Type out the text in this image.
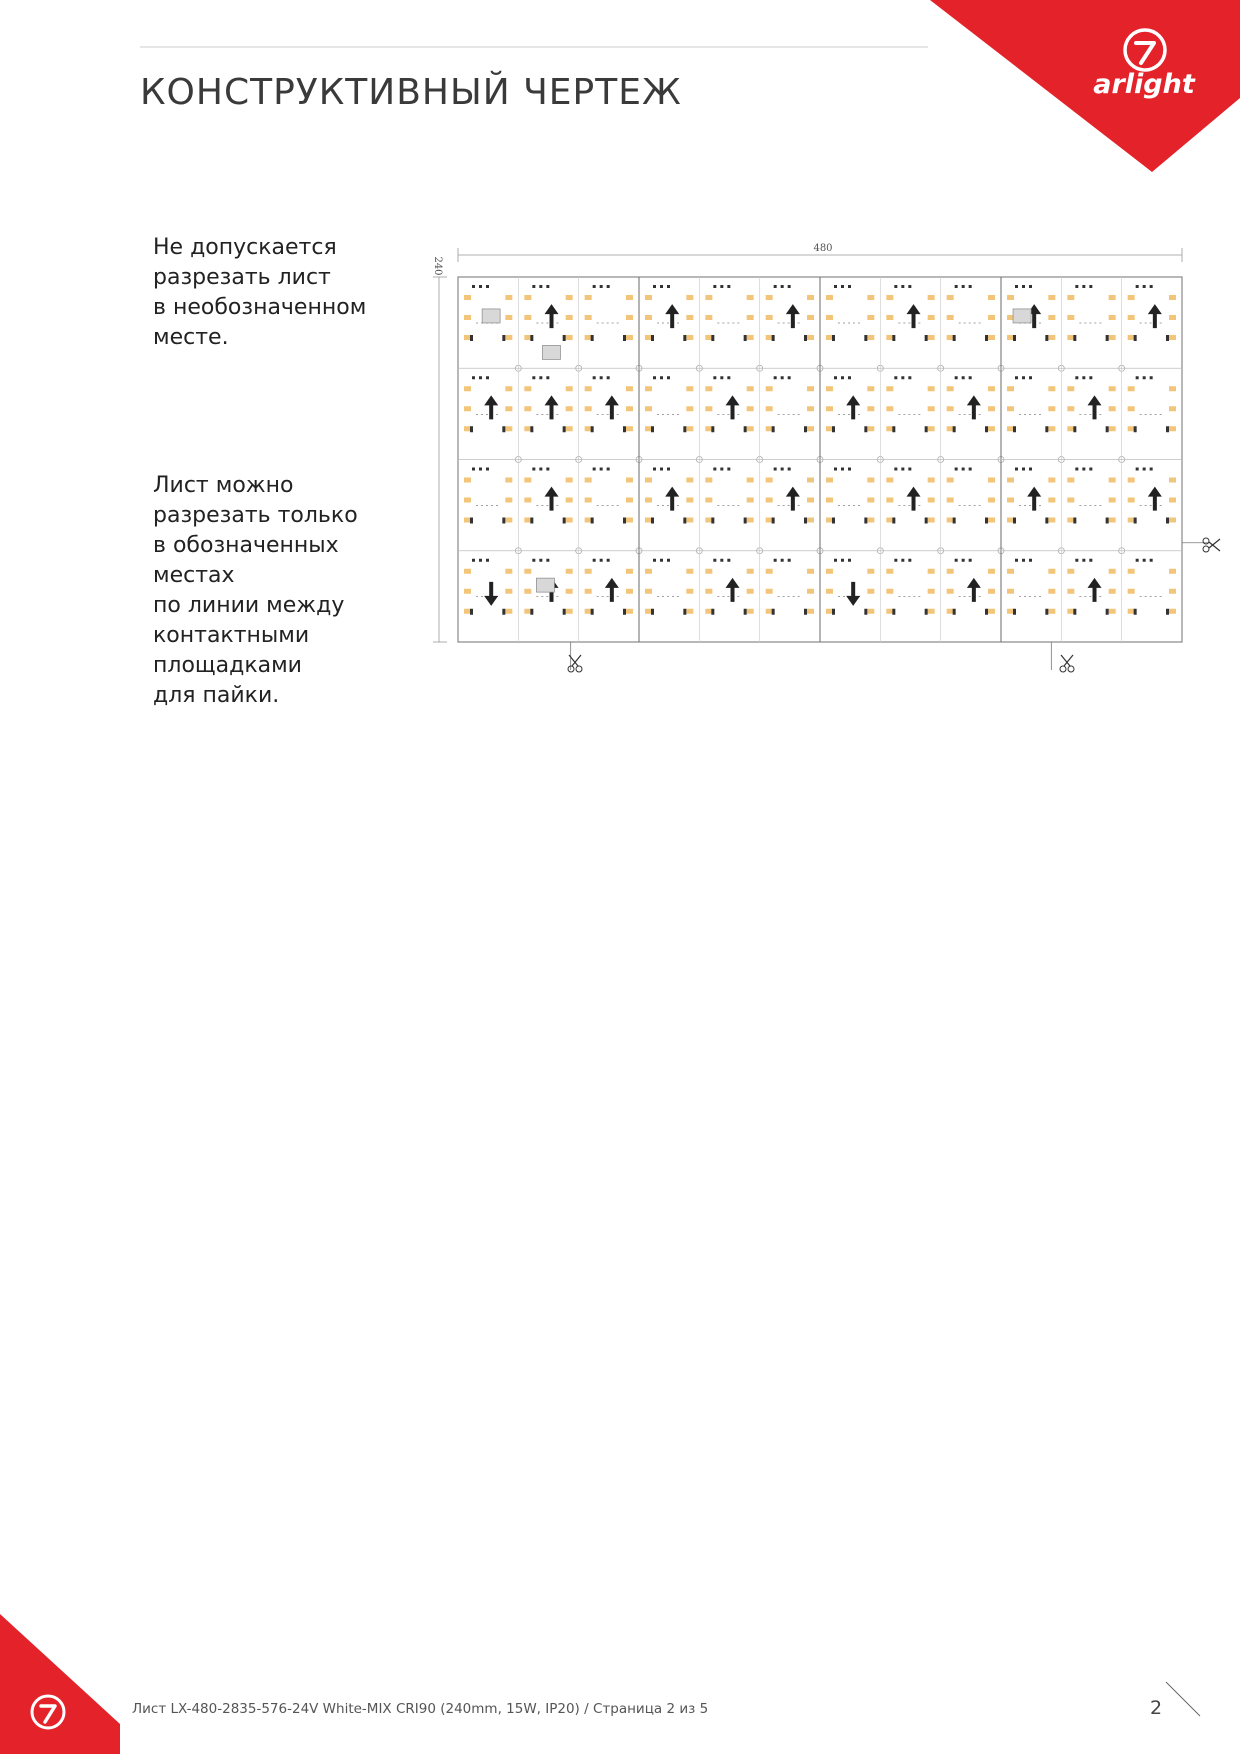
КОНСТРУКТИВНЫЙ ЧЕРТЕЖ	arlight

Не допускается
разрезать лист
в необозначенном
месте.

Лист можно
разрезать только
в обозначенных
местах
по линии между
контактными
площадками
для пайки.

480
240

Лист LX-480-2835-576-24V White-MIX CRI90 (240mm, 15W, IP20) / Страница 2 из 5	2
